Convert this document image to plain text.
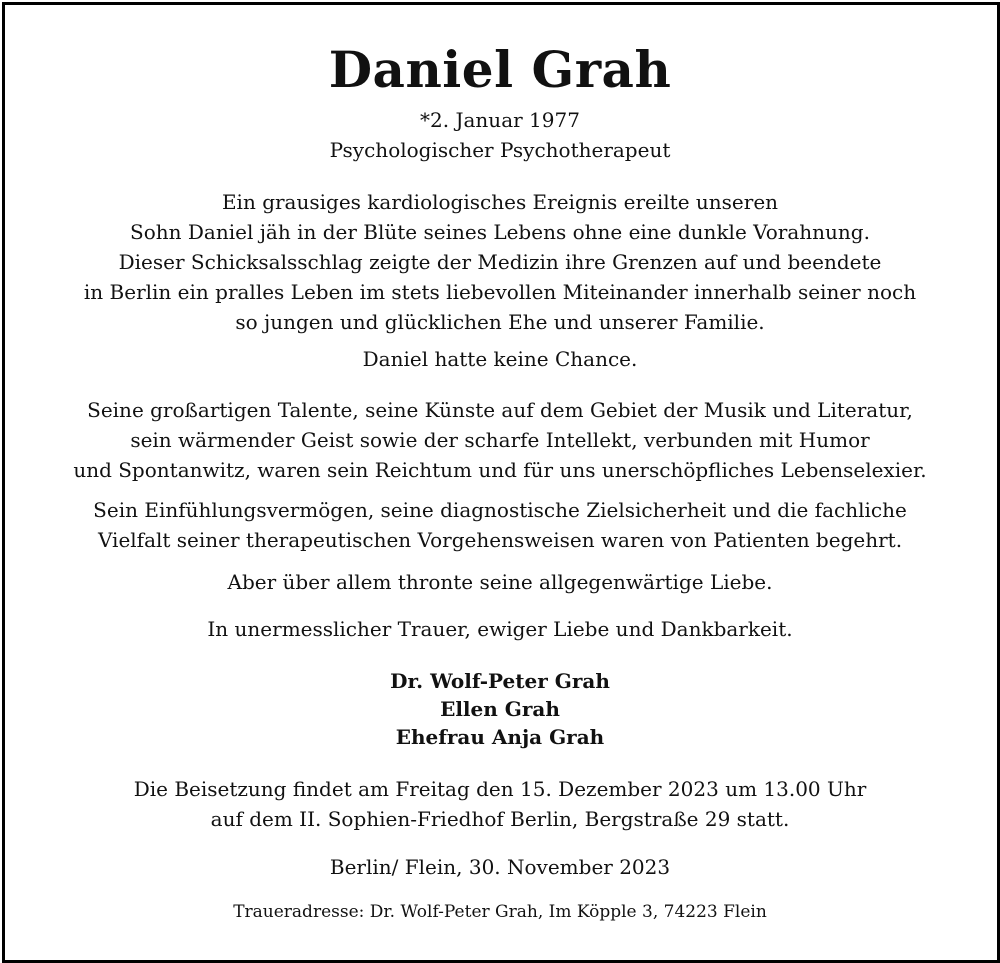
Daniel Grah
*2. Januar 1977
Psychologischer Psychotherapeut
Ein grausiges kardiologisches Ereignis ereilte unseren
Sohn Daniel jäh in der Blüte seines Lebens ohne eine dunkle Vorahnung.
Dieser Schicksalsschlag zeigte der Medizin ihre Grenzen auf und beendete
in Berlin ein pralles Leben im stets liebevollen Miteinander innerhalb seiner noch
so jungen und glücklichen Ehe und unserer Familie.
Daniel hatte keine Chance.
Seine großartigen Talente, seine Künste auf dem Gebiet der Musik und Literatur,
sein wärmender Geist sowie der scharfe Intellekt, verbunden mit Humor
und Spontanwitz, waren sein Reichtum und für uns unerschöpfliches Lebenselexier.
Sein Einfühlungsvermögen, seine diagnostische Zielsicherheit und die fachliche
Vielfalt seiner therapeutischen Vorgehensweisen waren von Patienten begehrt.
Aber über allem thronte seine allgegenwärtige Liebe.
In unermesslicher Trauer, ewiger Liebe und Dankbarkeit.
Dr. Wolf-Peter Grah
Ellen Grah
Ehefrau Anja Grah
Die Beisetzung findet am Freitag den 15. Dezember 2023 um 13.00 Uhr
auf dem II. Sophien-Friedhof Berlin, Bergstraße 29 statt.
Berlin/ Flein, 30. November 2023
Traueradresse: Dr. Wolf-Peter Grah, Im Köpple 3, 74223 Flein
